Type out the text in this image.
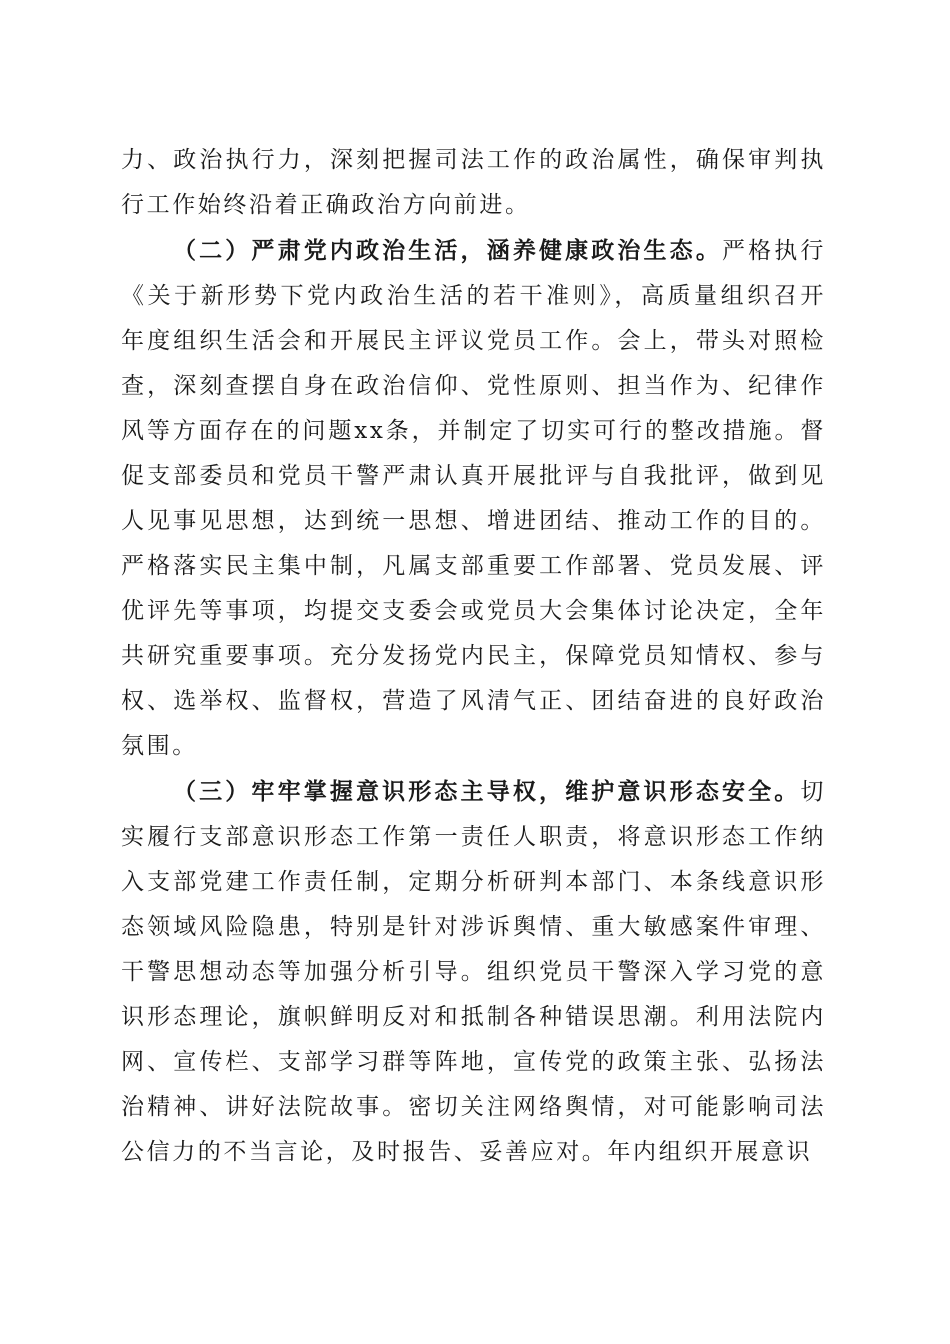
力、政治执行力，深刻把握司法工作的政治属性，确保审判执行工作始终沿着正确政治方向前进。

（二）严肃党内政治生活，涵养健康政治生态。严格执行《关于新形势下党内政治生活的若干准则》，高质量组织召开年度组织生活会和开展民主评议党员工作。会上，带头对照检查，深刻查摆自身在政治信仰、党性原则、担当作为、纪律作风等方面存在的问题xx条，并制定了切实可行的整改措施。督促支部委员和党员干警严肃认真开展批评与自我批评，做到见人见事见思想，达到统一思想、增进团结、推动工作的目的。严格落实民主集中制，凡属支部重要工作部署、党员发展、评优评先等事项，均提交支委会或党员大会集体讨论决定，全年共研究重要事项。充分发扬党内民主，保障党员知情权、参与权、选举权、监督权，营造了风清气正、团结奋进的良好政治氛围。

（三）牢牢掌握意识形态主导权，维护意识形态安全。切实履行支部意识形态工作第一责任人职责，将意识形态工作纳入支部党建工作责任制，定期分析研判本部门、本条线意识形态领域风险隐患，特别是针对涉诉舆情、重大敏感案件审理、干警思想动态等加强分析引导。组织党员干警深入学习党的意识形态理论，旗帜鲜明反对和抵制各种错误思潮。利用法院内网、宣传栏、支部学习群等阵地，宣传党的政策主张、弘扬法治精神、讲好法院故事。密切关注网络舆情，对可能影响司法公信力的不当言论，及时报告、妥善应对。年内组织开展意识
